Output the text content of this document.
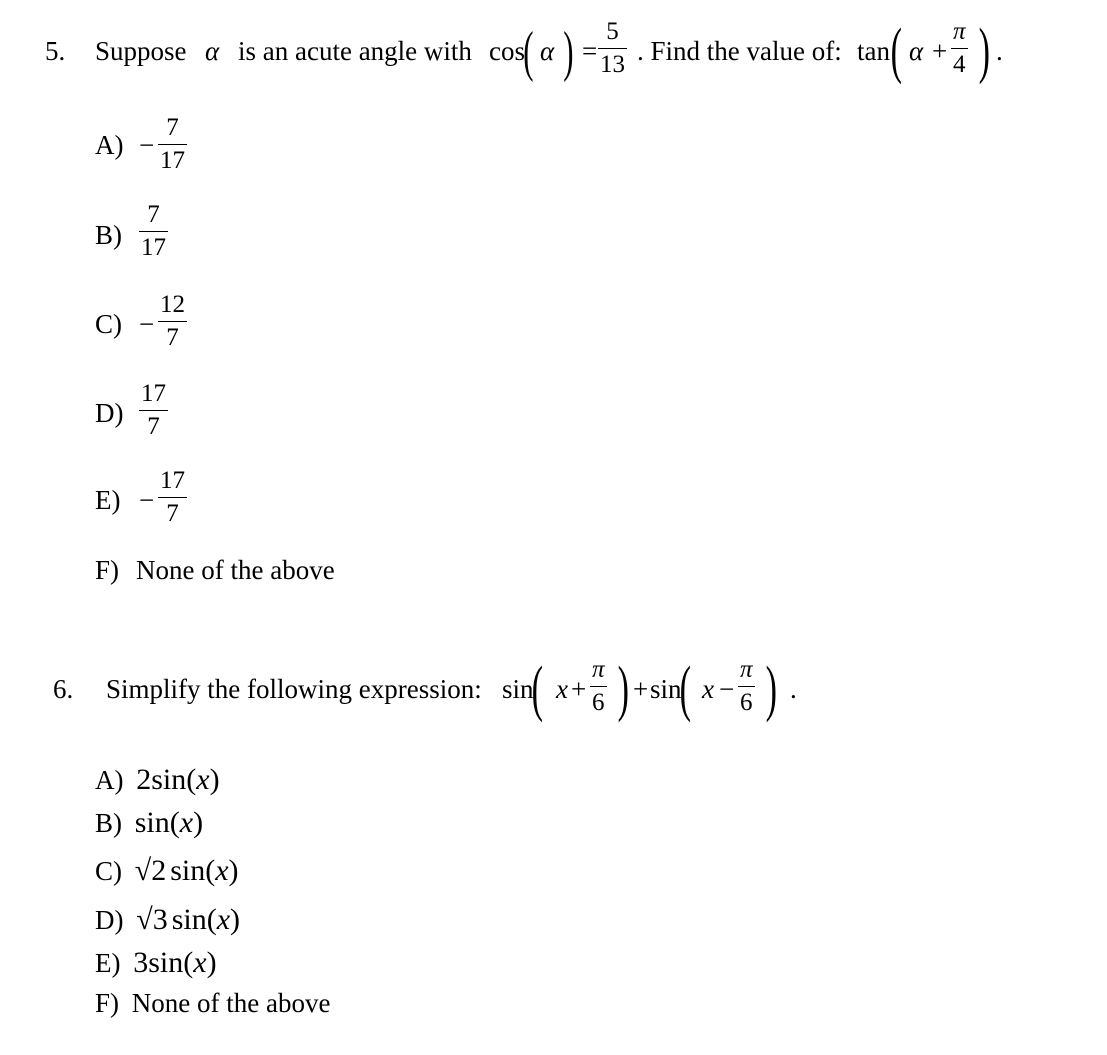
5. Suppose α is an acute angle with cos
( α ) =
5
13 . Find the value of: tan ( α +
π
4 ) .
A) −
7
17
B)
7
17
C) −
12
7
D)
17
7
E) −
17
7
F) None of the above
6. Simplify the following expression: sin
( x +
π
6 ) + sin
( x −
π
6 ) .
A) 2sin(x)
B) sin(x)
C) √2 sin(x)
D) √3 sin(x)
E) 3sin(x)
F) None of the above
